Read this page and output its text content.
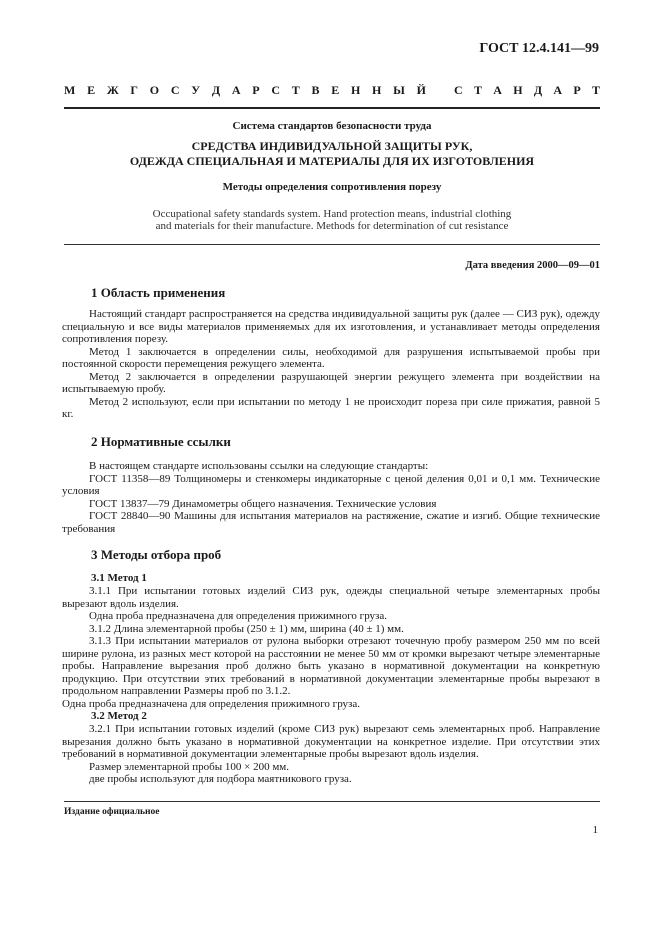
ГОСТ 12.4.141—99
М Е Ж Г О С У Д А Р С Т В Е Н Н Ы Й С Т А Н Д А Р Т
Система стандартов безопасности труда
СРЕДСТВА ИНДИВИДУАЛЬНОЙ ЗАЩИТЫ РУК,
ОДЕЖДА СПЕЦИАЛЬНАЯ И МАТЕРИАЛЫ ДЛЯ ИХ ИЗГОТОВЛЕНИЯ
Методы определения сопротивления порезу
Occupational safety standards system. Hand protection means, industrial clothing
and materials for their manufacture. Methods for determination of cut resistance
Дата введения 2000—09—01
1 Область применения

Настоящий стандарт распространяется на средства индивидуальной защиты рук (далее — СИЗ рук), одежду специальную и все виды материалов применяемых для их изготовления, и устанавливает методы определения сопротивления порезу.

Метод 1 заключается в определении силы, необходимой для разрушения испытываемой пробы при постоянной скорости перемещения режущего элемента.

Метод 2 заключается в определении разрушающей энергии режущего элемента при воздействии на испытываемую пробу.

Метод 2 используют, если при испытании по методу 1 не происходит пореза при силе прижатия, равной 5 кг.

2 Нормативные ссылки

В настоящем стандарте использованы ссылки на следующие стандарты:

ГОСТ 11358—89 Толщиномеры и стенкомеры индикаторные с ценой деления 0,01 и 0,1 мм. Технические условия

ГОСТ 13837—79 Динамометры общего назначения. Технические условия

ГОСТ 28840—90 Машины для испытания материалов на растяжение, сжатие и изгиб. Общие технические требования

3 Методы отбора проб
3.1 Метод 1

3.1.1 При испытании готовых изделий СИЗ рук, одежды специальной четыре элементарных пробы вырезают вдоль изделия.

Одна проба предназначена для определения прижимного груза.

3.1.2 Длина элементарной пробы (250 ± 1) мм, ширина (40 ± 1) мм.

3.1.3 При испытании материалов от рулона выборки отрезают точечную пробу размером 250 мм по всей ширине рулона, из разных мест которой на расстоянии не менее 50 мм от кромки вырезают четыре элементарные пробы. Направление вырезания проб должно быть указано в нормативной документации на конкретную продукцию. При отсутствии этих требований в нормативной документации элементарные пробы вырезают в продольном направлении Размеры проб по 3.1.2.

Одна проба предназначена для определения прижимного груза.

3.2 Метод 2

3.2.1 При испытании готовых изделий (кроме СИЗ рук) вырезают семь элементарных проб. Направление вырезания должно быть указано в нормативной документации на конкретное изделие. При отсутствии этих требований в нормативной документации элементарные пробы вырезают вдоль изделия.

Размер элементарной пробы 100 × 200 мм.

две пробы используют для подбора маятникового груза.

Издание официальное
1
